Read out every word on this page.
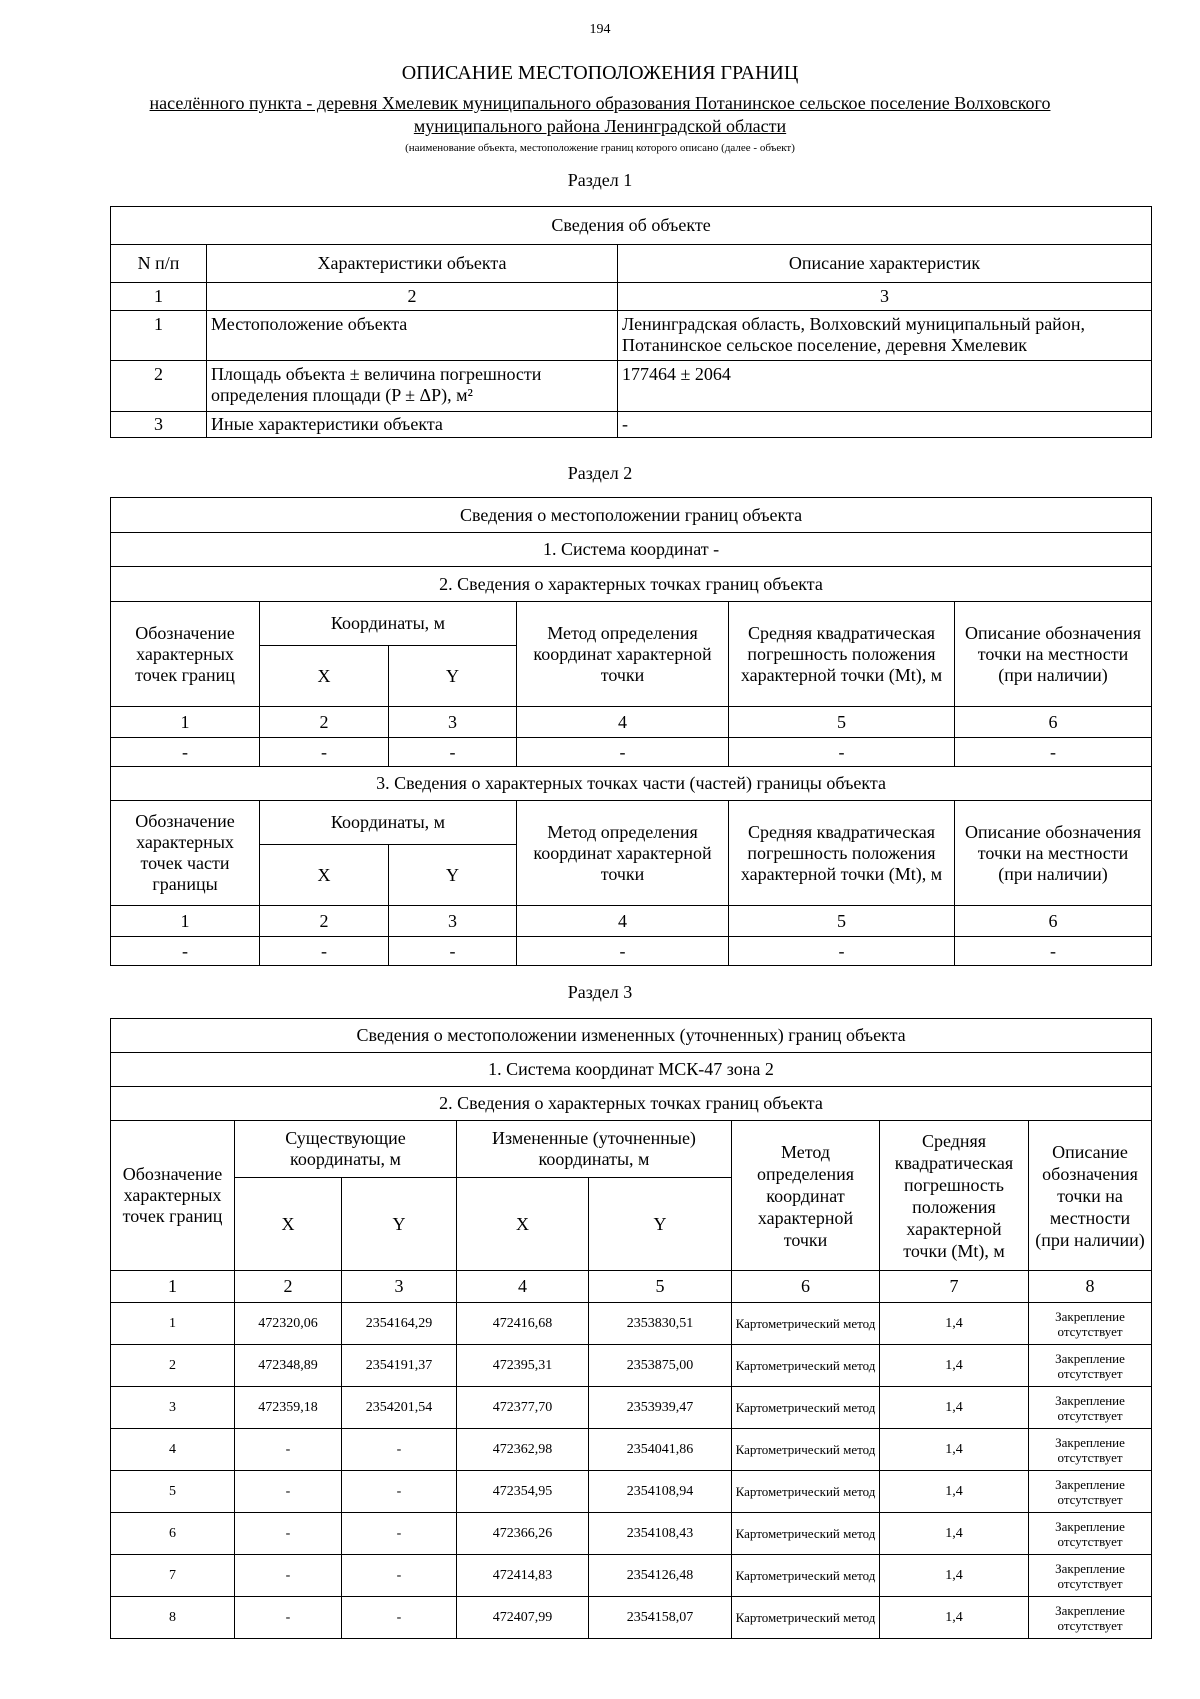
194
ОПИСАНИЕ МЕСТОПОЛОЖЕНИЯ ГРАНИЦ
населённого пункта - деревня Хмелевик муниципального образования Потанинское сельское поселение Волховского
муниципального района Ленинградской области
(наименование объекта, местоположение границ которого описано (далее - объект)
Раздел 1
Сведения об объекте		
N п/п	Характеристики объекта	Описание характеристик
1	2	3
1	Местоположение объекта	Ленинградская область, Волховский муниципальный район, Потанинское сельское поселение, деревня Хмелевик
2	Площадь объекта ± величина погрешности определения площади (P ± ΔP), м²	177464 ± 2064
3	Иные характеристики объекта	-
Раздел 2
Сведения о местоположении границ объекта					
1. Система координат -					
2. Сведения о характерных точках границ объекта					
Обозначение характерных точек границ	Координаты, м		Метод определения координат характерной точки	Средняя квадратическая погрешность положения характерной точки (Mt), м	Описание обозначения точки на местности (при наличии)
	X	Y			
1	2	3	4	5	6
-	-	-	-	-	-
3. Сведения о характерных точках части (частей) границы объекта					
Обозначение характерных точек части границы	Координаты, м		Метод определения координат характерной точки	Средняя квадратическая погрешность положения характерной точки (Mt), м	Описание обозначения точки на местности (при наличии)
	X	Y			
1	2	3	4	5	6
-	-	-	-	-	-
Раздел 3
Сведения о местоположении измененных (уточненных) границ объекта							
1. Система координат МСК-47 зона 2							
2. Сведения о характерных точках границ объекта							
Обозначение характерных точек границ	Существующие координаты, м		Измененные (уточненные) координаты, м		Метод определения координат характерной точки	Средняя квадратическая погрешность положения характерной точки (Mt), м	Описание обозначения точки на местности (при наличии)
	X	Y	X	Y			
1	2	3	4	5	6	7	8
1	472320,06	2354164,29	472416,68	2353830,51	Картометрический метод	1,4	Закрепление отсутствует
2	472348,89	2354191,37	472395,31	2353875,00	Картометрический метод	1,4	Закрепление отсутствует
3	472359,18	2354201,54	472377,70	2353939,47	Картометрический метод	1,4	Закрепление отсутствует
4	-	-	472362,98	2354041,86	Картометрический метод	1,4	Закрепление отсутствует
5	-	-	472354,95	2354108,94	Картометрический метод	1,4	Закрепление отсутствует
6	-	-	472366,26	2354108,43	Картометрический метод	1,4	Закрепление отсутствует
7	-	-	472414,83	2354126,48	Картометрический метод	1,4	Закрепление отсутствует
8	-	-	472407,99	2354158,07	Картометрический метод	1,4	Закрепление отсутствует
